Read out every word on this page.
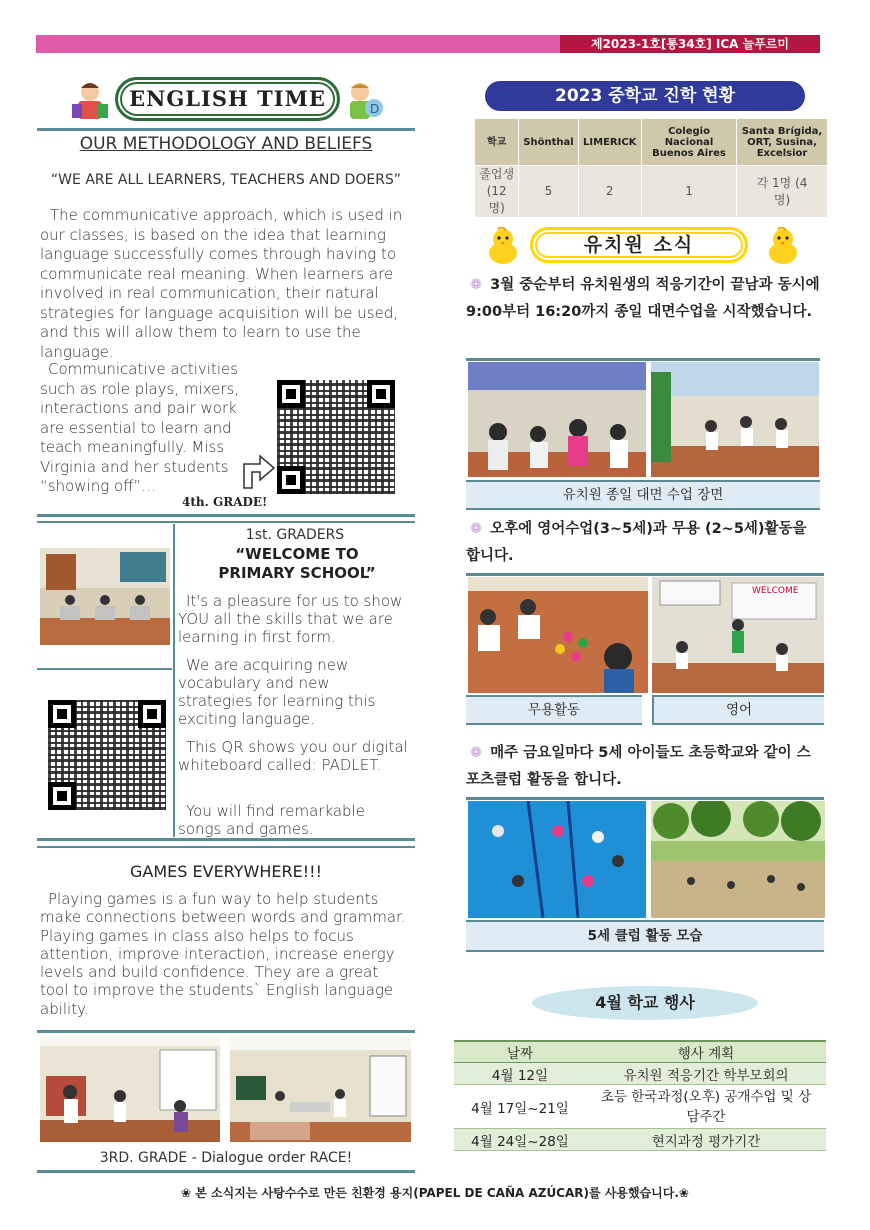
제2023-1호[통34호] ICA 늘푸르미
ENGLISH TIME	D
OUR METHODOLOGY AND BELIEFS
“WE ARE ALL LEARNERS, TEACHERS AND DOERS”
The communicative approach, which is used in our classes, is based on the idea that learning language successfully comes through having to communicate real meaning. When learners are involved in real communication, their natural strategies for language acquisition will be used, and this will allow them to learn to use the language.
Communicative activities such as role plays, mixers, interactions and pair work are essential to learn and teach meaningfully. Miss Virginia and her students “showing off”…
4th. GRADE!
1st. GRADERS
“WELCOME TO PRIMARY SCHOOL”
It's a pleasure for us to show YOU all the skills that we are learning in first form.
We are acquiring new vocabulary and new strategies for learning this exciting language.
This QR shows you our digital whiteboard called: PADLET.
You will find remarkable songs and games.
GAMES EVERYWHERE!!!
Playing games is a fun way to help students make connections between words and grammar. Playing games in class also helps to focus attention, improve interaction, increase energy levels and build confidence. They are a great tool to improve the students` English language ability.
3RD. GRADE - Dialogue order RACE!
2023 중학교 진학 현황
학교	Shönthal	LIMERICK	Colegio Nacional Buenos Aires	Santa Brígida, ORT, Susina, Excelsior
졸업생 (12명)	5	2	1	각 1명 (4명)
유치원 소식
❁ 3월 중순부터 유치원생의 적응기간이 끝남과 동시에 9:00부터 16:20까지 종일 대면수업을 시작했습니다.
유치원 종일 대면 수업 장면
❁ 오후에 영어수업(3~5세)과 무용 (2~5세)활동을 합니다.
WELCOME
무용활동	영어
❁ 매주 금요일마다 5세 아이들도 초등학교와 같이 스포츠클럽 활동을 합니다.
5세 클럽 활동 모습
4월 학교 행사
날짜	행사 계획
4월 12일	유치원 적응기간 학부모회의
4월 17일~21일	초등 한국과정(오후) 공개수업 및 상담주간
4월 24일~28일	현지과정 평가기간
❀ 본 소식지는 사탕수수로 만든 친환경 용지(PAPEL DE CAÑA AZÚCAR)를 사용했습니다.❀
